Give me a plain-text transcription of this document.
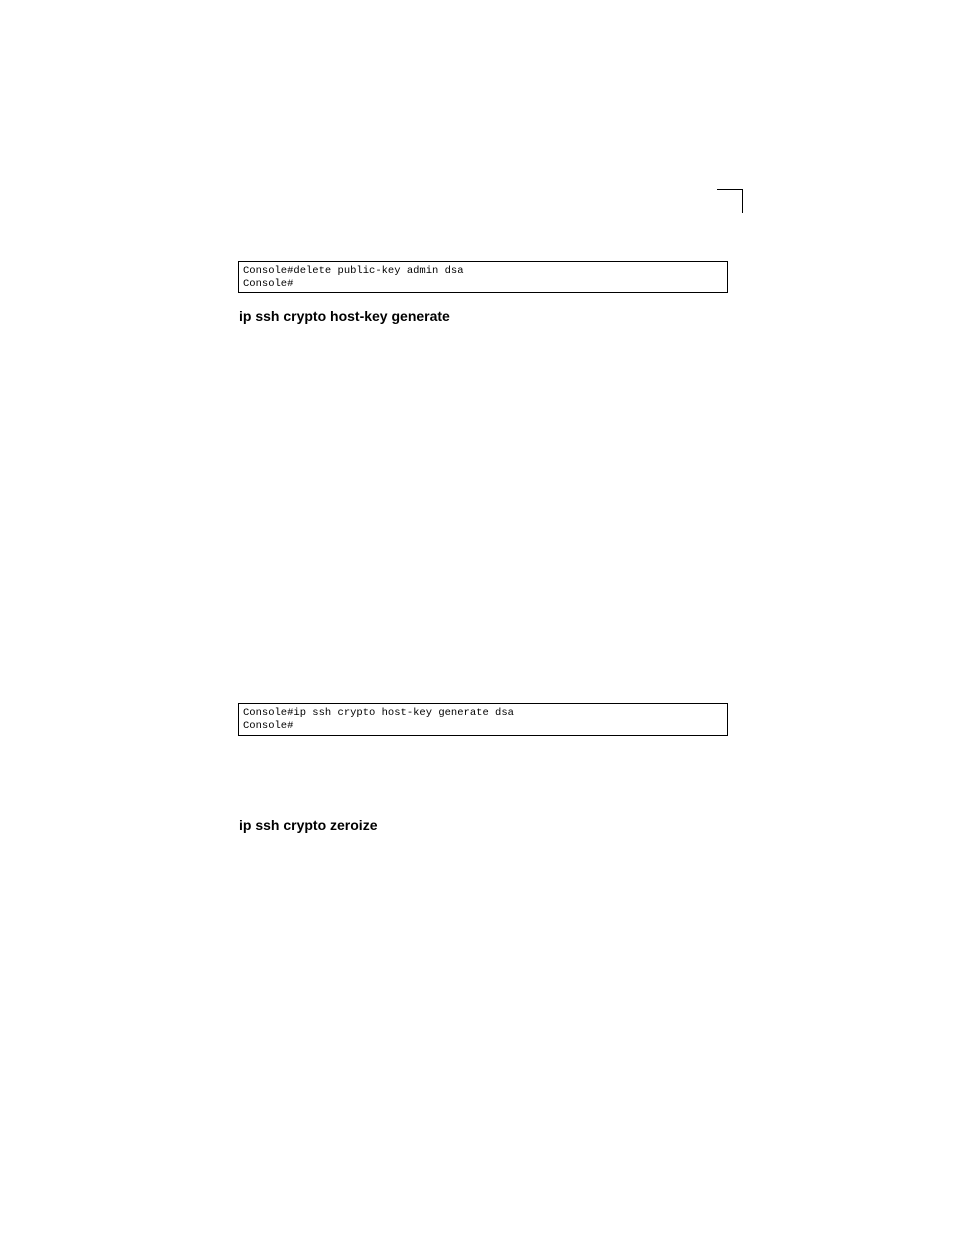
Console#delete public-key admin dsa
Console#
ip ssh crypto host-key generate
Console#ip ssh crypto host-key generate dsa
Console#
ip ssh crypto zeroize
